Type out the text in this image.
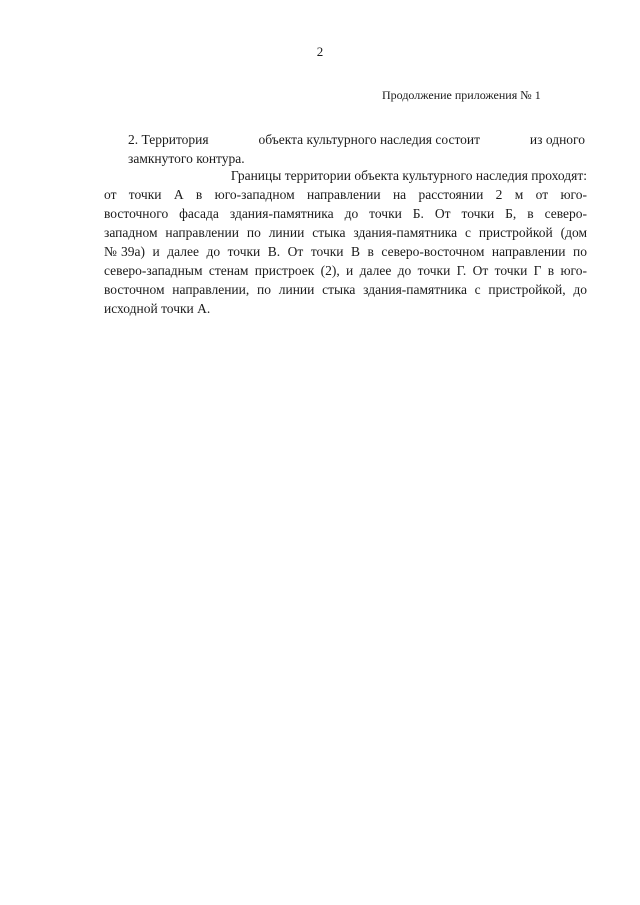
2
Продолжение приложения № 1
2. Территория	объекта культурного наследия состоит	из одного
замкнутого контура.
Границы территории объекта культурного наследия проходят:
от точки А в юго-западном направлении на расстоянии 2 м от юго-
восточного фасада здания-памятника до точки Б. От точки Б, в северо-
западном направлении по линии стыка здания-памятника с пристройкой (дом
№39а) и далее до точки В. От точки В в северо-восточном направлении по
северо-западным стенам пристроек (2), и далее до точки Г. От точки Г в юго-
восточном направлении, по линии стыка здания-памятника с пристройкой, до
исходной точки А.
